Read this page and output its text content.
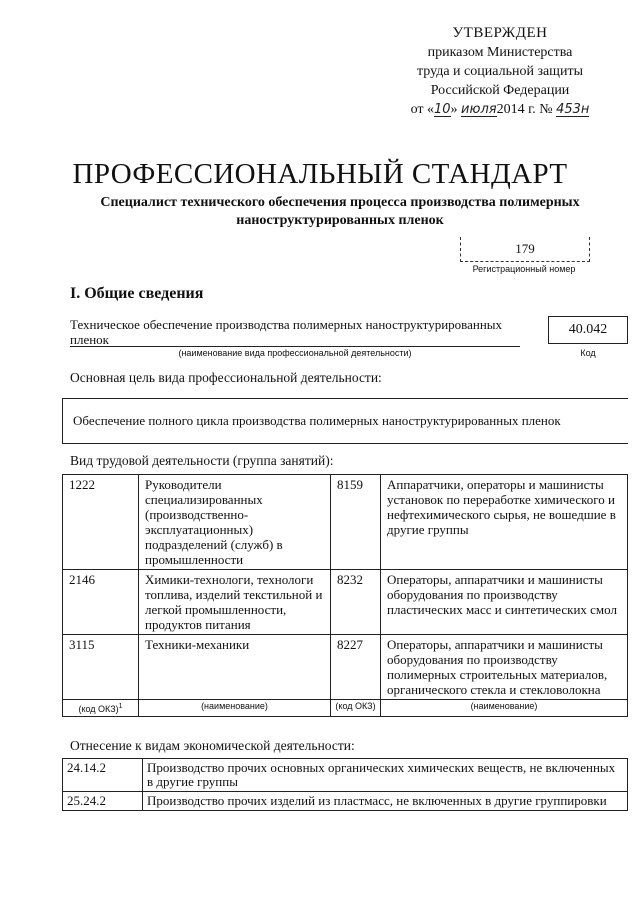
УТВЕРЖДЕН
приказом Министерства
труда и социальной защиты
Российской Федерации
от «10» июля2014 г. № 453н
ПРОФЕССИОНАЛЬНЫЙ СТАНДАРТ
Специалист технического обеспечения процесса производства полимерных наноструктурированных пленок
179
Регистрационный номер
I. Общие сведения
Техническое обеспечение производства полимерных наноструктурированных пленок
(наименование вида профессиональной деятельности)
40.042
Код
Основная цель вида профессиональной деятельности:
Обеспечение полного цикла производства полимерных наноструктурированных пленок
Вид трудовой деятельности (группа занятий):
1222	Руководители специализированных (производственно-эксплуатационных) подразделений (служб) в промышленности	8159	Аппаратчики, операторы и машинисты установок по переработке химического и нефтехимического сырья, не вошедшие в другие группы
2146	Химики-технологи, технологи топлива, изделий текстильной и легкой промышленности, продуктов питания	8232	Операторы, аппаратчики и машинисты оборудования по производству пластических масс и синтетических смол
3115	Техники-механики	8227	Операторы, аппаратчики и машинисты оборудования по производству полимерных строительных материалов, органического стекла и стекловолокна
(код ОКЗ)$^1$	(наименование)	(код ОКЗ)	(наименование)
Отнесение к видам экономической деятельности:
24.14.2	Производство прочих основных органических химических веществ, не включенных в другие группы
25.24.2	Производство прочих изделий из пластмасс, не включенных в другие группировки
